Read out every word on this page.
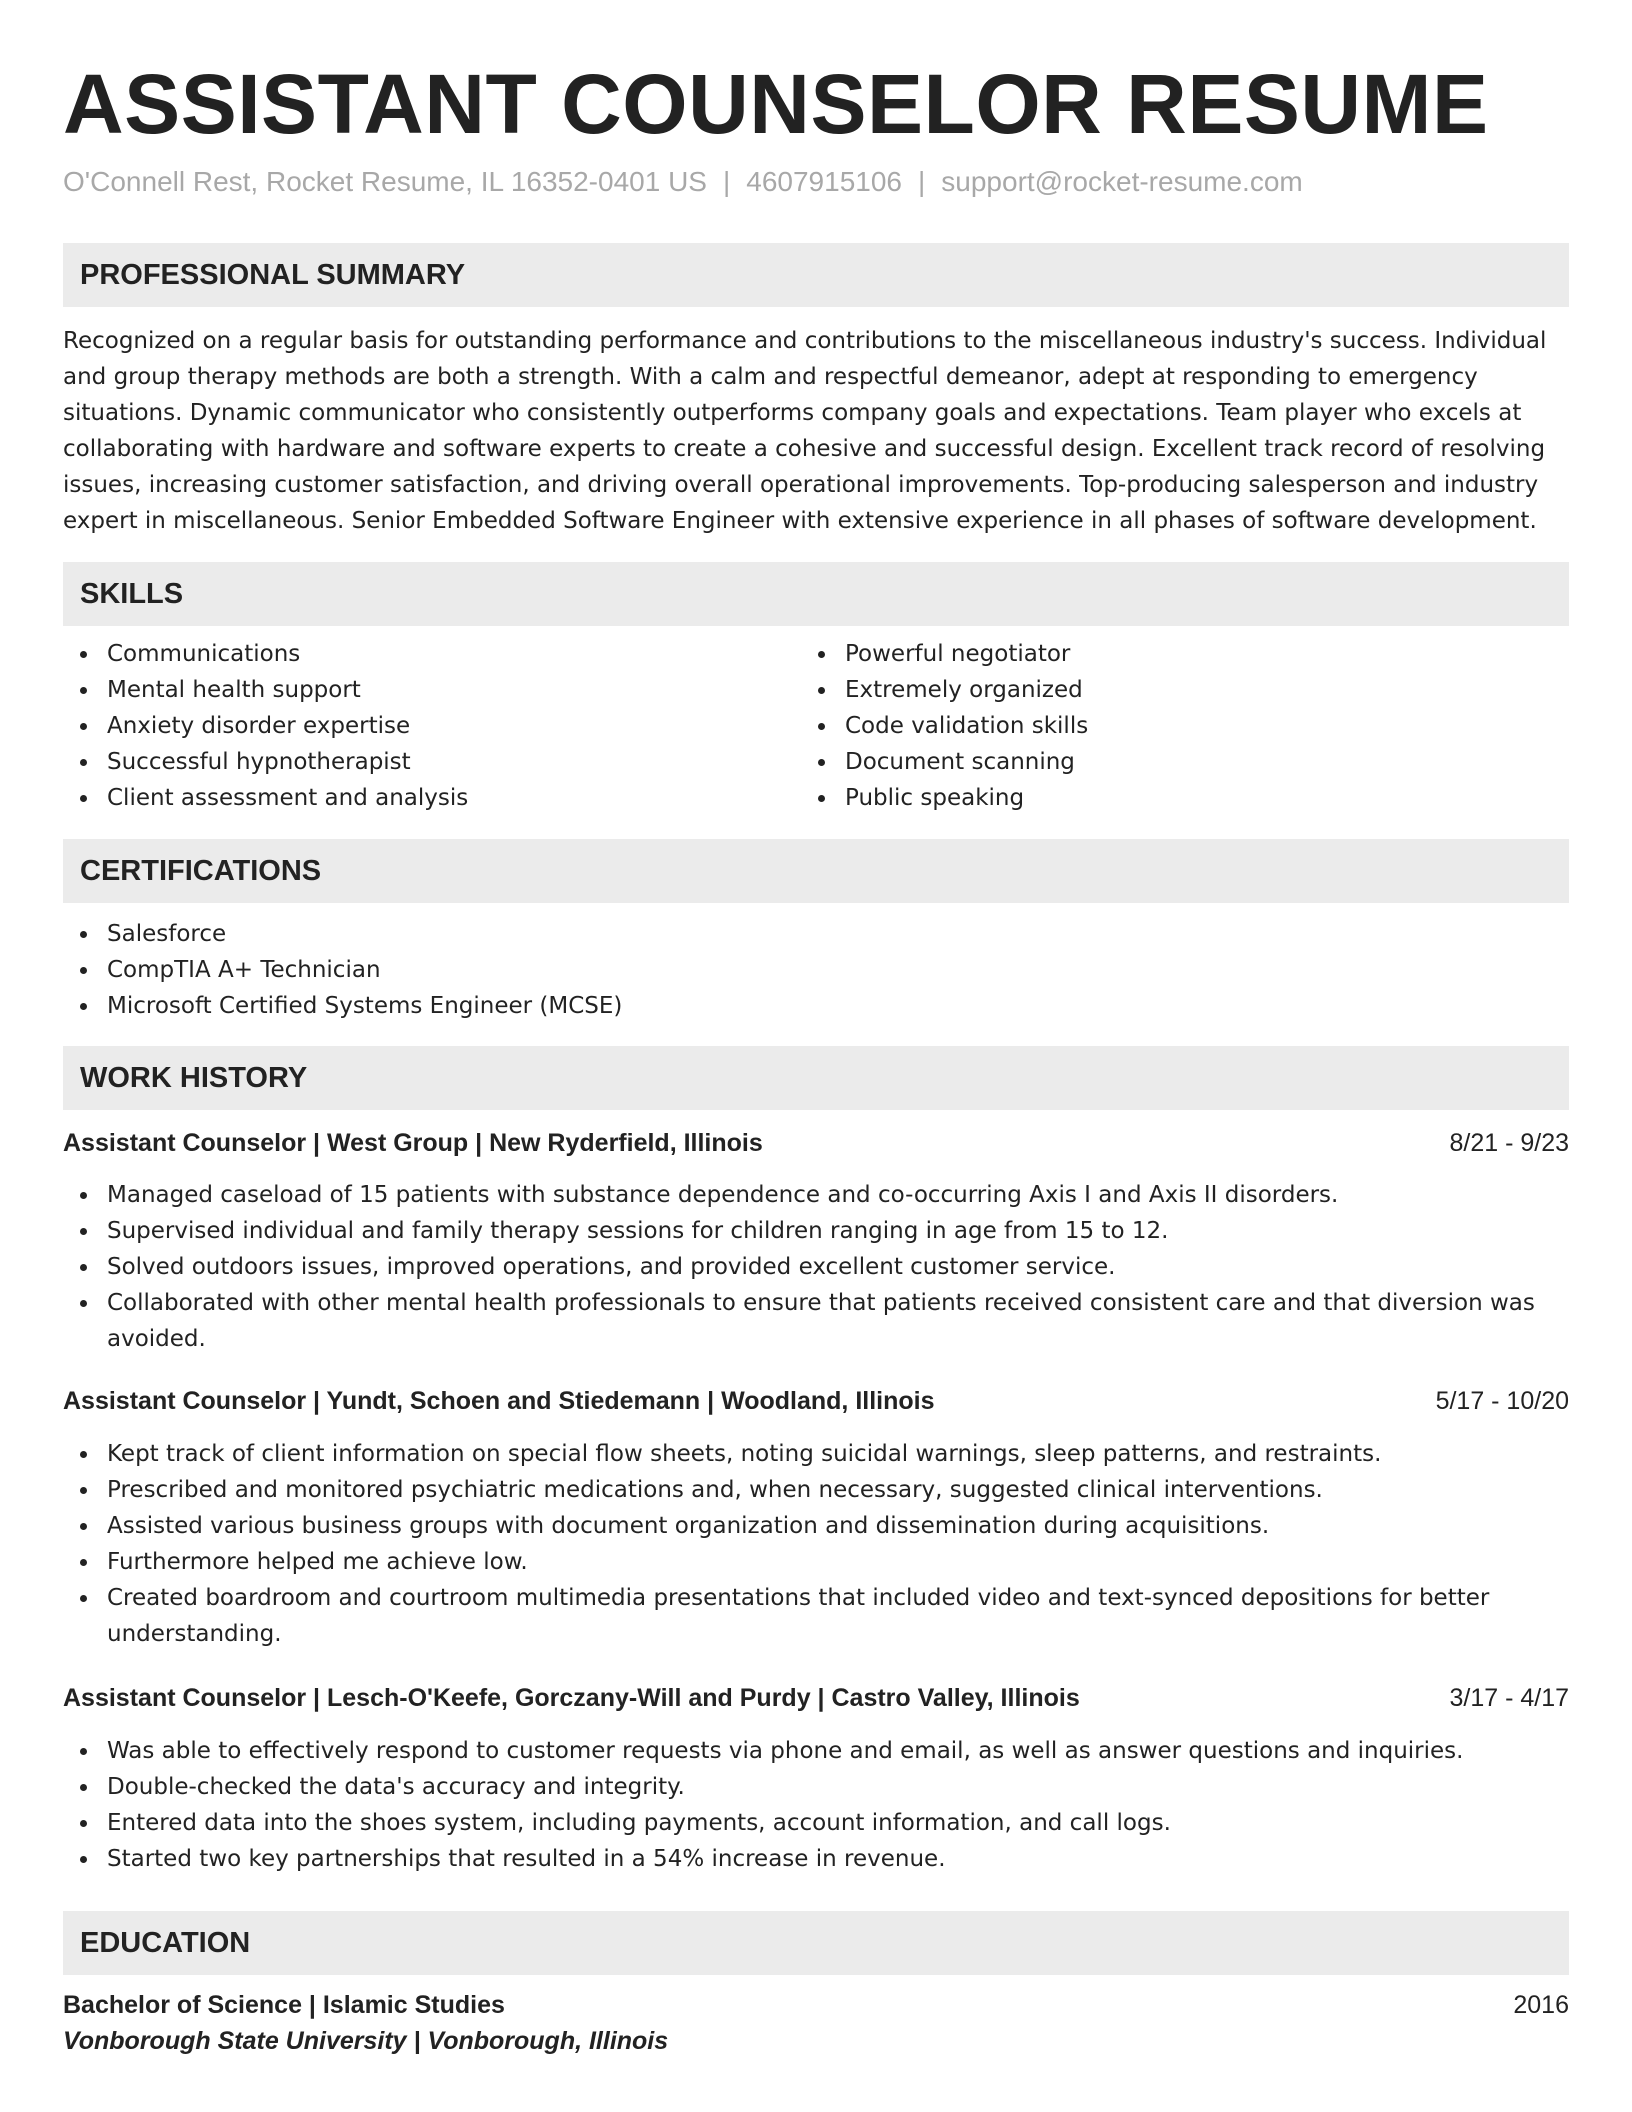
ASSISTANT COUNSELOR RESUME
O'Connell Rest, Rocket Resume, IL 16352-0401 US | 4607915106 | support@rocket-resume.com
PROFESSIONAL SUMMARY

Recognized on a regular basis for outstanding performance and contributions to the miscellaneous industry's success. Individual and group therapy methods are both a strength. With a calm and respectful demeanor, adept at responding to emergency situations. Dynamic communicator who consistently outperforms company goals and expectations. Team player who excels at collaborating with hardware and software experts to create a cohesive and successful design. Excellent track record of resolving issues, increasing customer satisfaction, and driving overall operational improvements. Top-producing salesperson and industry expert in miscellaneous. Senior Embedded Software Engineer with extensive experience in all phases of software development.

SKILLS
Communications
Mental health support
Anxiety disorder expertise
Successful hypnotherapist
Client assessment and analysis
Powerful negotiator
Extremely organized
Code validation skills
Document scanning
Public speaking
CERTIFICATIONS
Salesforce
CompTIA A+ Technician
Microsoft Certified Systems Engineer (MCSE)
WORK HISTORY
Assistant Counselor | West Group | New Ryderfield, Illinois	8/21 - 9/23
Managed caseload of 15 patients with substance dependence and co-occurring Axis I and Axis II disorders.
Supervised individual and family therapy sessions for children ranging in age from 15 to 12.
Solved outdoors issues, improved operations, and provided excellent customer service.
Collaborated with other mental health professionals to ensure that patients received consistent care and that diversion was avoided.
Assistant Counselor | Yundt, Schoen and Stiedemann | Woodland, Illinois	5/17 - 10/20
Kept track of client information on special flow sheets, noting suicidal warnings, sleep patterns, and restraints.
Prescribed and monitored psychiatric medications and, when necessary, suggested clinical interventions.
Assisted various business groups with document organization and dissemination during acquisitions.
Furthermore helped me achieve low.
Created boardroom and courtroom multimedia presentations that included video and text-synced depositions for better understanding.
Assistant Counselor | Lesch-O'Keefe, Gorczany-Will and Purdy | Castro Valley, Illinois	3/17 - 4/17
Was able to effectively respond to customer requests via phone and email, as well as answer questions and inquiries.
Double-checked the data's accuracy and integrity.
Entered data into the shoes system, including payments, account information, and call logs.
Started two key partnerships that resulted in a 54% increase in revenue.
EDUCATION
Bachelor of Science | Islamic Studies	2016
Vonborough State University | Vonborough, Illinois
